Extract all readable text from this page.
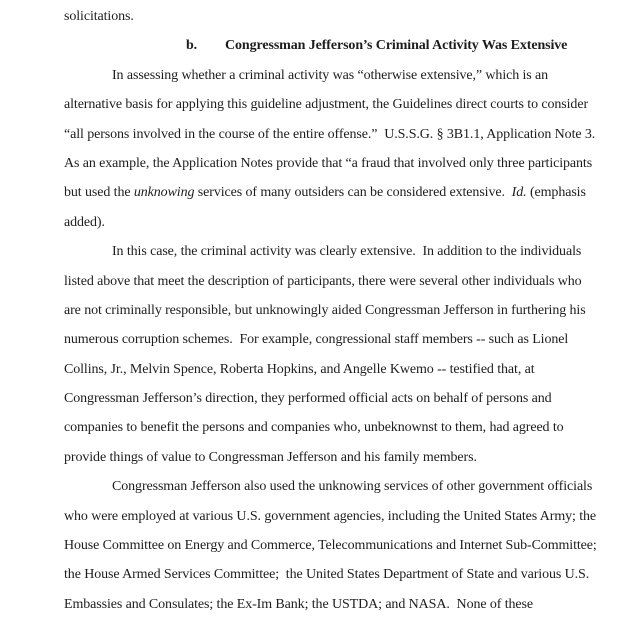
solicitations.
b. Congressman Jefferson’s Criminal Activity Was Extensive
In assessing whether a criminal activity was “otherwise extensive,” which is an
alternative basis for applying this guideline adjustment, the Guidelines direct courts to consider
“all persons involved in the course of the entire offense.”  U.S.S.G. § 3B1.1, Application Note 3.
As an example, the Application Notes provide that “a fraud that involved only three participants
but used the unknowing services of many outsiders can be considered extensive.  Id. (emphasis
added).
In this case, the criminal activity was clearly extensive.  In addition to the individuals
listed above that meet the description of participants, there were several other individuals who
are not criminally responsible, but unknowingly aided Congressman Jefferson in furthering his
numerous corruption schemes.  For example, congressional staff members -- such as Lionel
Collins, Jr., Melvin Spence, Roberta Hopkins, and Angelle Kwemo -- testified that, at
Congressman Jefferson’s direction, they performed official acts on behalf of persons and
companies to benefit the persons and companies who, unbeknownst to them, had agreed to
provide things of value to Congressman Jefferson and his family members.
Congressman Jefferson also used the unknowing services of other government officials
who were employed at various U.S. government agencies, including the United States Army; the
House Committee on Energy and Commerce, Telecommunications and Internet Sub-Committee;
the House Armed Services Committee;  the United States Department of State and various U.S.
Embassies and Consulates; the Ex-Im Bank; the USTDA; and NASA.  None of these
